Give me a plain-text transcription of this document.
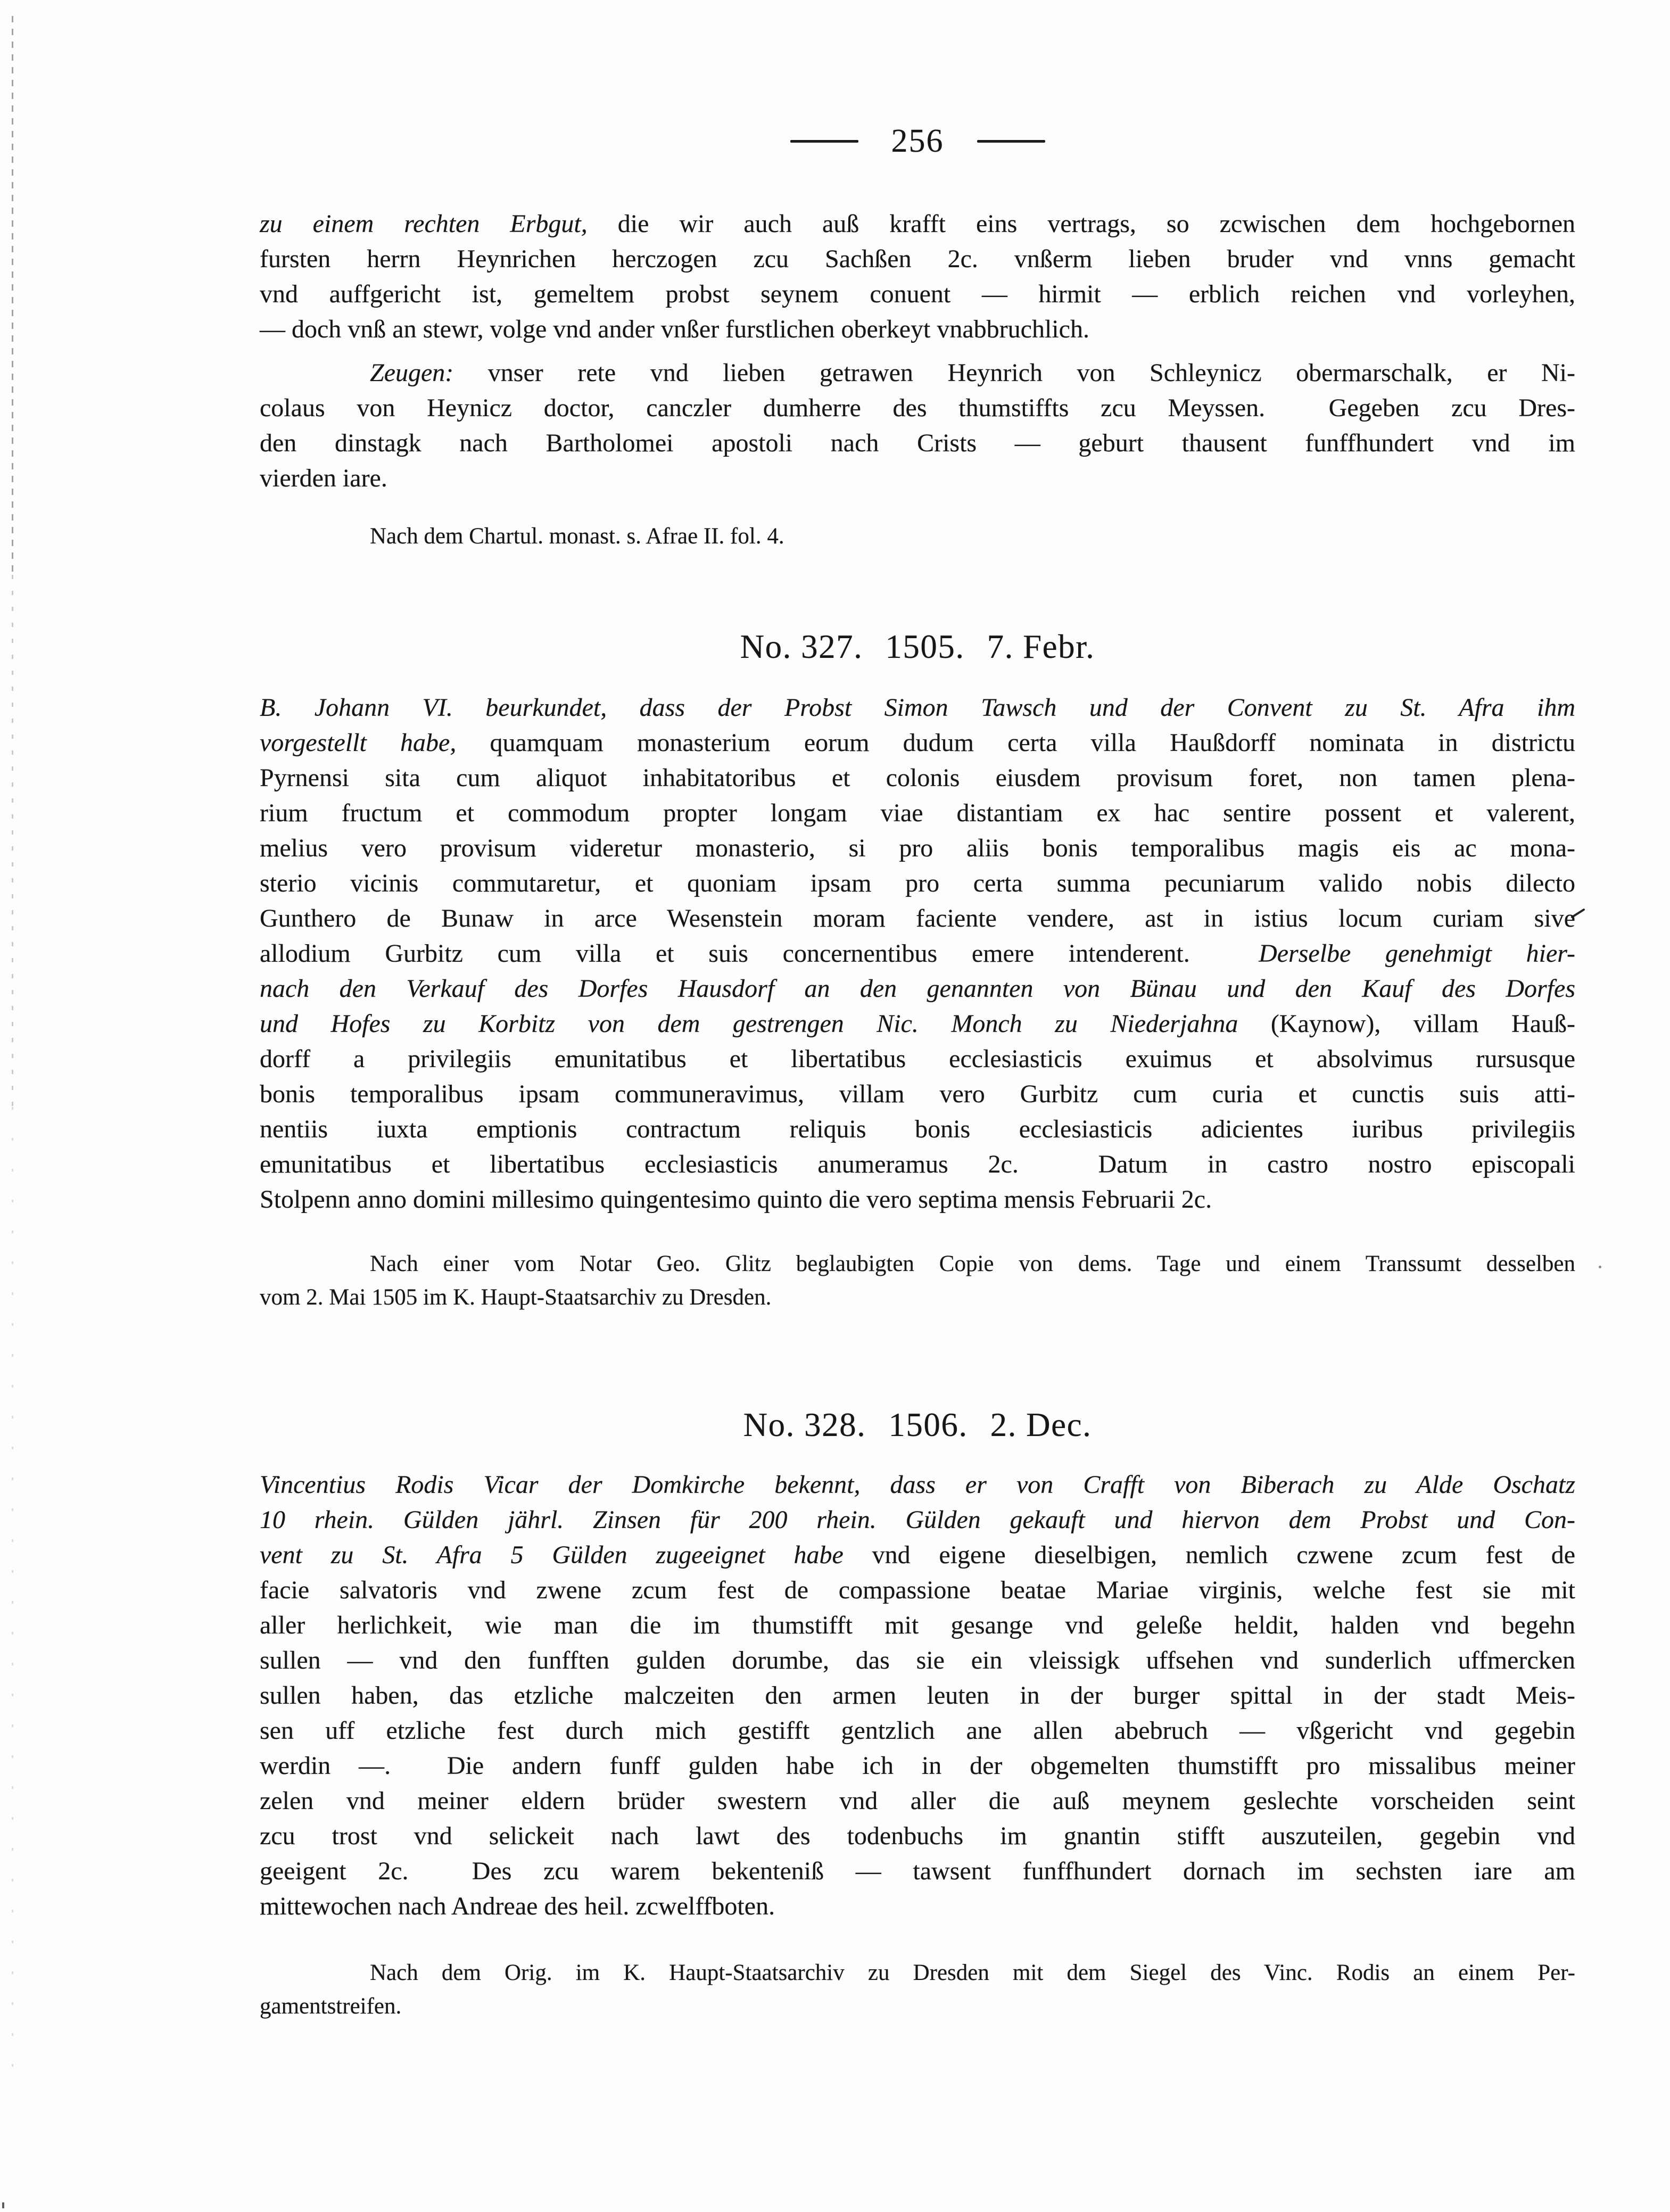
256
zu einem rechten Erbgut, die wir auch auß krafft eins vertrags, so zcwischen dem hochgebornen
fursten herrn Heynrichen herczogen zcu Sachßen 2c. vnßerm lieben bruder vnd vnns gemacht
vnd auffgericht ist, gemeltem probst seynem conuent — hirmit — erblich reichen vnd vorleyhen,
— doch vnß an stewr, volge vnd ander vnßer furstlichen oberkeyt vnabbruchlich.
Zeugen: vnser rete vnd lieben getrawen Heynrich von Schleynicz obermarschalk, er Ni-
colaus von Heynicz doctor, canczler dumherre des thumstiffts zcu Meyssen.  Gegeben zcu Dres-
den dinstagk nach Bartholomei apostoli nach Crists — geburt thausent funffhundert vnd im
vierden iare.
Nach dem Chartul. monast. s. Afrae II. fol. 4.
No. 327. 1505. 7. Febr.
B. Johann VI. beurkundet, dass der Probst Simon Tawsch und der Convent zu St. Afra ihm
vorgestellt habe, quamquam monasterium eorum dudum certa villa Haußdorff nominata in districtu
Pyrnensi sita cum aliquot inhabitatoribus et colonis eiusdem provisum foret, non tamen plena-
rium fructum et commodum propter longam viae distantiam ex hac sentire possent et valerent,
melius vero provisum videretur monasterio, si pro aliis bonis temporalibus magis eis ac mona-
sterio vicinis commutaretur, et quoniam ipsam pro certa summa pecuniarum valido nobis dilecto
Gunthero de Bunaw in arce Wesenstein moram faciente vendere, ast in istius locum curiam sive
allodium Gurbitz cum villa et suis concernentibus emere intenderent.  Derselbe genehmigt hier-
nach den Verkauf des Dorfes Hausdorf an den genannten von Bünau und den Kauf des Dorfes
und Hofes zu Korbitz von dem gestrengen Nic. Monch zu Niederjahna (Kaynow), villam Hauß-
dorff a privilegiis emunitatibus et libertatibus ecclesiasticis exuimus et absolvimus rursusque
bonis temporalibus ipsam communeravimus, villam vero Gurbitz cum curia et cunctis suis atti-
nentiis iuxta emptionis contractum reliquis bonis ecclesiasticis adicientes iuribus privilegiis
emunitatibus et libertatibus ecclesiasticis anumeramus 2c.  Datum in castro nostro episcopali
Stolpenn anno domini millesimo quingentesimo quinto die vero septima mensis Februarii 2c.
Nach einer vom Notar Geo. Glitz beglaubigten Copie von dems. Tage und einem Transsumt desselben
vom 2. Mai 1505 im K. Haupt-Staatsarchiv zu Dresden.
No. 328. 1506. 2. Dec.
Vincentius Rodis Vicar der Domkirche bekennt, dass er von Crafft von Biberach zu Alde Oschatz
10 rhein. Gülden jährl. Zinsen für 200 rhein. Gülden gekauft und hiervon dem Probst und Con-
vent zu St. Afra 5 Gülden zugeeignet habe vnd eigene dieselbigen, nemlich czwene zcum fest de
facie salvatoris vnd zwene zcum fest de compassione beatae Mariae virginis, welche fest sie mit
aller herlichkeit, wie man die im thumstifft mit gesange vnd geleße heldit, halden vnd begehn
sullen — vnd den funfften gulden dorumbe, das sie ein vleissigk uffsehen vnd sunderlich uffmercken
sullen haben, das etzliche malczeiten den armen leuten in der burger spittal in der stadt Meis-
sen uff etzliche fest durch mich gestifft gentzlich ane allen abebruch — vßgericht vnd gegebin
werdin —.  Die andern funff gulden habe ich in der obgemelten thumstifft pro missalibus meiner
zelen vnd meiner eldern brüder swestern vnd aller die auß meynem geslechte vorscheiden seint
zcu trost vnd selickeit nach lawt des todenbuchs im gnantin stifft auszuteilen, gegebin vnd
geeigent 2c.  Des zcu warem bekenteniß — tawsent funffhundert dornach im sechsten iare am
mittewochen nach Andreae des heil. zcwelffboten.
Nach dem Orig. im K. Haupt-Staatsarchiv zu Dresden mit dem Siegel des Vinc. Rodis an einem Per-
gamentstreifen.
